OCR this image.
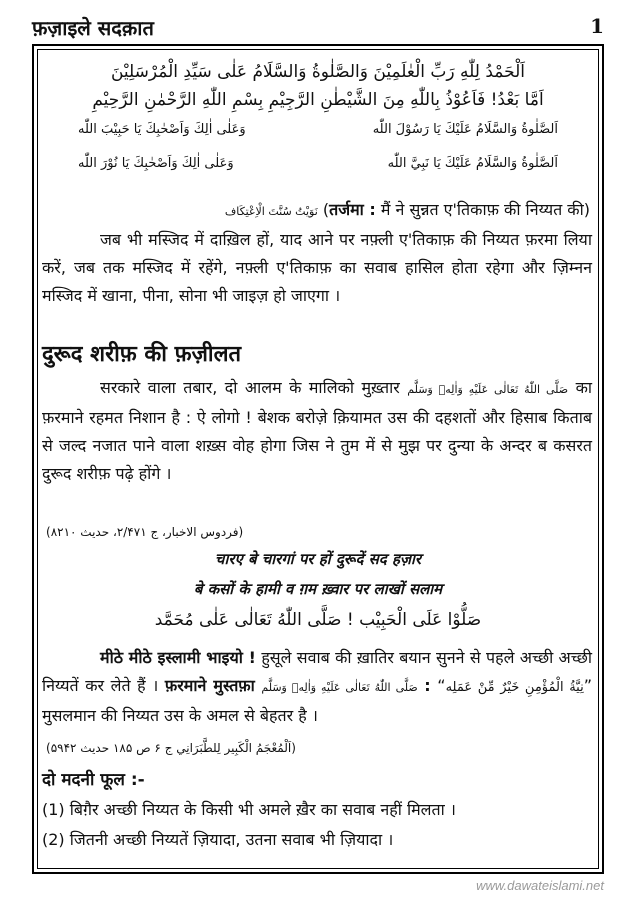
फ़ज़ाइले सदक़ात	1
اَلْحَمْدُ لِلّٰهِ رَبِّ الْعٰلَمِيْنَ وَالصَّلٰوةُ وَالسَّلَامُ عَلٰى سَيِّدِ الْمُرْسَلِيْنَ
اَمَّا بَعْدُ! فَاَعُوْذُ بِاللّٰهِ مِنَ الشَّيْطٰنِ الرَّجِيْمِ بِسْمِ اللّٰهِ الرَّحْمٰنِ الرَّحِيْمِ
اَلصَّلٰوةُ وَالسَّلَامُ عَلَيْكَ يَا رَسُوْلَ اللّٰه
وَعَلٰى اٰلِكَ وَاَصْحٰبِكَ يَا حَبِيْبَ اللّٰه
اَلصَّلٰوةُ وَالسَّلَامُ عَلَيْكَ يَا نَبِيَّ اللّٰه
وَعَلٰى اٰلِكَ وَاَصْحٰبِكَ يَا نُوْرَ اللّٰه
نَوَيْتُ سُنَّتَ الْاِعْتِكَاف (तर्जमा : मैं ने सुन्नत ए'तिकाफ़ की निय्यत की)

जब भी मस्जिद में दाख़िल हों, याद आने पर नफ़्ली ए'तिकाफ़ की निय्यत फ़रमा लिया करें, जब तक मस्जिद में रहेंगे, नफ़्ली ए'तिकाफ़ का सवाब हासिल होता रहेगा और ज़िम्नन मस्जिद में खाना, पीना, सोना भी जाइज़ हो जाएगा ।

दुरूद शरीफ़ की फ़ज़ीलत

सरकारे वाला तबार, दो आलम के मालिको मुख़्तार صَلَّى اللّٰهُ تَعَالٰى عَلَيْهِ وَاٰلِهٖ وَسَلَّم का फ़रमाने रहमत निशान है : ऐ लोगो ! बेशक बरोज़े क़ियामत उस की दहशतों और हिसाब किताब से जल्द नजात पाने वाला शख़्स वोह होगा जिस ने तुम में से मुझ पर दुन्या के अन्दर ब कसरत दुरूद शरीफ़ पढ़े होंगे ।

(فردوس الاخبار، ج ۲/۴۷۱، حدیث ۸۲۱۰)
चारए बे चारगां पर हों दुरूदें सद हज़ार
बे कसों के हामी व ग़म ख़्वार पर लाखों सलाम
صَلُّوْا عَلَى الْحَبِيْب ! صَلَّى اللّٰهُ تَعَالٰى عَلٰى مُحَمَّد

मीठे मीठे इस्लामी भाइयो ! हुसूले सवाब की ख़ातिर बयान सुनने से पहले अच्छी अच्छी निय्यतें कर लेते हैं । फ़रमाने मुस्तफ़ा صَلَّى اللّٰهُ تَعَالٰى عَلَيْهِ وَاٰلِهٖ وَسَلَّم : “نِيَّةُ الْمُؤْمِنِ خَيْرٌ مِّنْ عَمَلِه” मुसलमान की निय्यत उस के अमल से बेहतर है ।

(اَلْمُعْجَمُ الْكَبِير لِلطَّبَرَانِي ج ۶ ص ۱۸۵ حدیث ۵۹۴۲)
दो मदनी फूल :-
(1) बिग़ैर अच्छी निय्यत के किसी भी अमले ख़ैर का सवाब नहीं मिलता ।
(2) जितनी अच्छी निय्यतें ज़ियादा, उतना सवाब भी ज़ियादा ।
www.dawateislami.net
